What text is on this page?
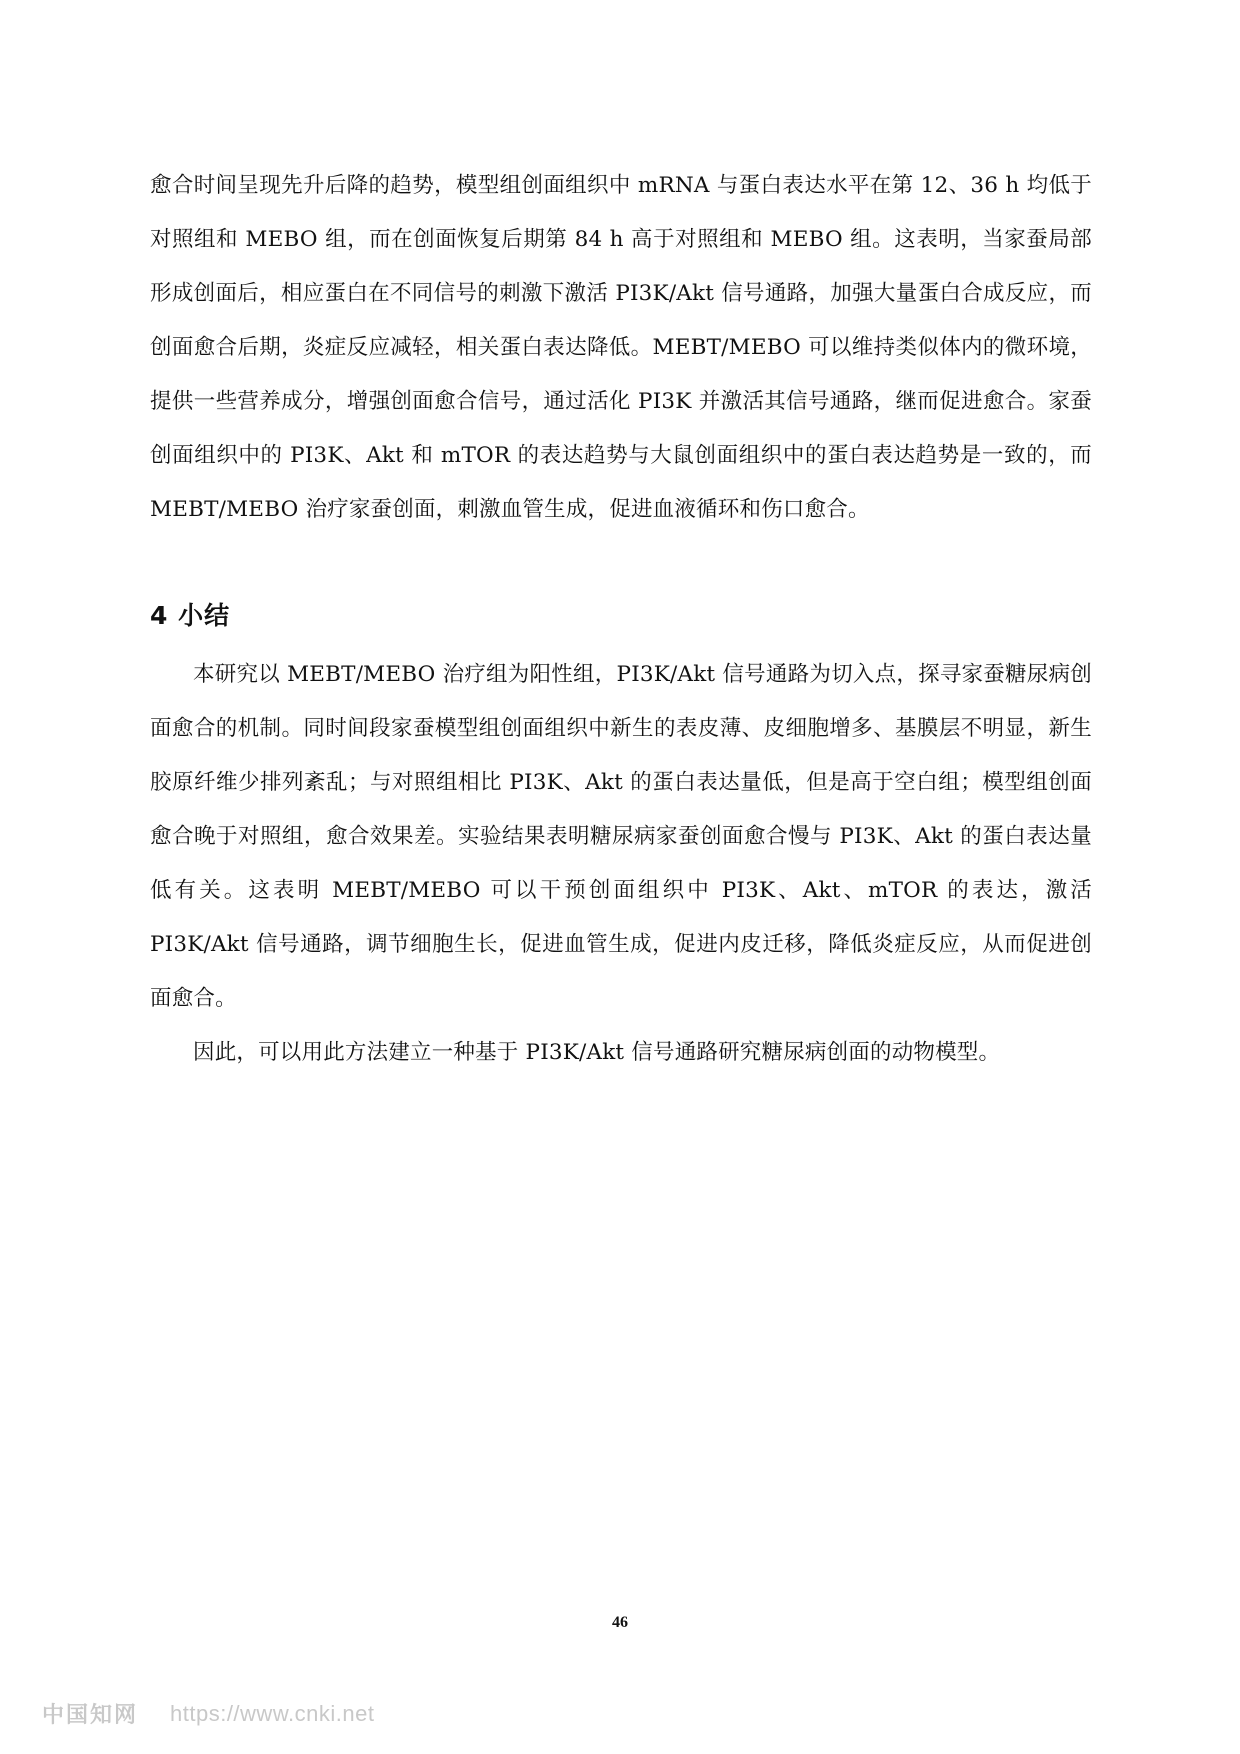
愈合时间呈现先升后降的趋势，模型组创面组织中 mRNA 与蛋白表达水平在第 12、36 h 均低于对照组和 MEBO 组，而在创面恢复后期第 84 h 高于对照组和 MEBO 组。这表明，当家蚕局部形成创面后，相应蛋白在不同信号的刺激下激活 PI3K/Akt 信号通路，加强大量蛋白合成反应，而创面愈合后期，炎症反应减轻，相关蛋白表达降低。MEBT/MEBO 可以维持类似体内的微环境，提供一些营养成分，增强创面愈合信号，通过活化 PI3K 并激活其信号通路，继而促进愈合。家蚕创面组织中的 PI3K、Akt 和 mTOR 的表达趋势与大鼠创面组织中的蛋白表达趋势是一致的，而 MEBT/MEBO 治疗家蚕创面，刺激血管生成，促进血液循环和伤口愈合。

4 小结

本研究以 MEBT/MEBO 治疗组为阳性组，PI3K/Akt 信号通路为切入点，探寻家蚕糖尿病创面愈合的机制。同时间段家蚕模型组创面组织中新生的表皮薄、皮细胞增多、基膜层不明显，新生胶原纤维少排列紊乱；与对照组相比 PI3K、Akt 的蛋白表达量低，但是高于空白组；模型组创面愈合晚于对照组，愈合效果差。实验结果表明糖尿病家蚕创面愈合慢与 PI3K、Akt 的蛋白表达量低有关。这表明 MEBT/MEBO 可以干预创面组织中 PI3K、Akt、mTOR 的表达，激活 PI3K/Akt 信号通路，调节细胞生长，促进血管生成，促进内皮迁移，降低炎症反应，从而促进创面愈合。

因此，可以用此方法建立一种基于 PI3K/Akt 信号通路研究糖尿病创面的动物模型。

46
中国知网 https://www.cnki.net
